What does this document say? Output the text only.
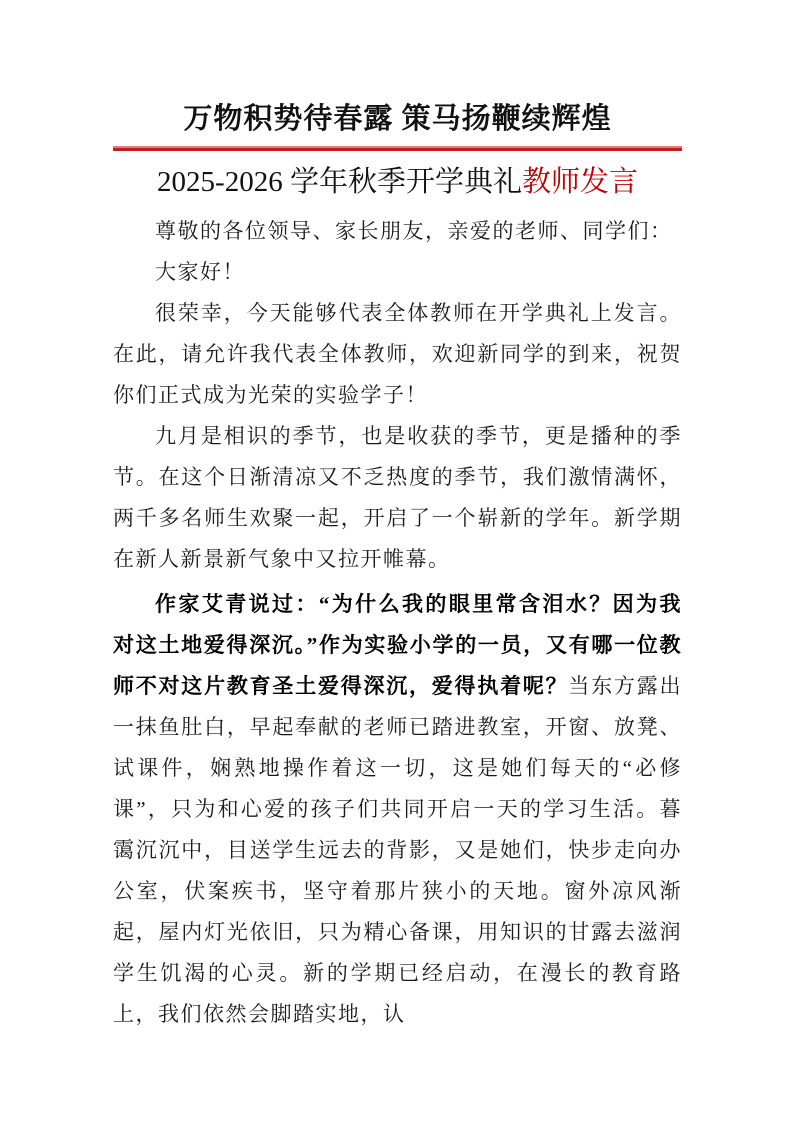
万物积势待春露 策马扬鞭续辉煌
2025-2026 学年秋季开学典礼教师发言

尊敬的各位领导、家长朋友，亲爱的老师、同学们：

大家好！

很荣幸，今天能够代表全体教师在开学典礼上发言。在此，请允许我代表全体教师，欢迎新同学的到来，祝贺你们正式成为光荣的实验学子！

九月是相识的季节，也是收获的季节，更是播种的季节。在这个日渐清凉又不乏热度的季节，我们激情满怀，两千多名师生欢聚一起，开启了一个崭新的学年。新学期在新人新景新气象中又拉开帷幕。

作家艾青说过：“为什么我的眼里常含泪水？因为我对这土地爱得深沉。”作为实验小学的一员，又有哪一位教师不对这片教育圣土爱得深沉，爱得执着呢？当东方露出一抹鱼肚白，早起奉献的老师已踏进教室，开窗、放凳、试课件，娴熟地操作着这一切，这是她们每天的“必修课”，只为和心爱的孩子们共同开启一天的学习生活。暮霭沉沉中，目送学生远去的背影，又是她们，快步走向办公室，伏案疾书，坚守着那片狭小的天地。窗外凉风渐起，屋内灯光依旧，只为精心备课，用知识的甘露去滋润学生饥渴的心灵。新的学期已经启动，在漫长的教育路上，我们依然会脚踏实地，认
